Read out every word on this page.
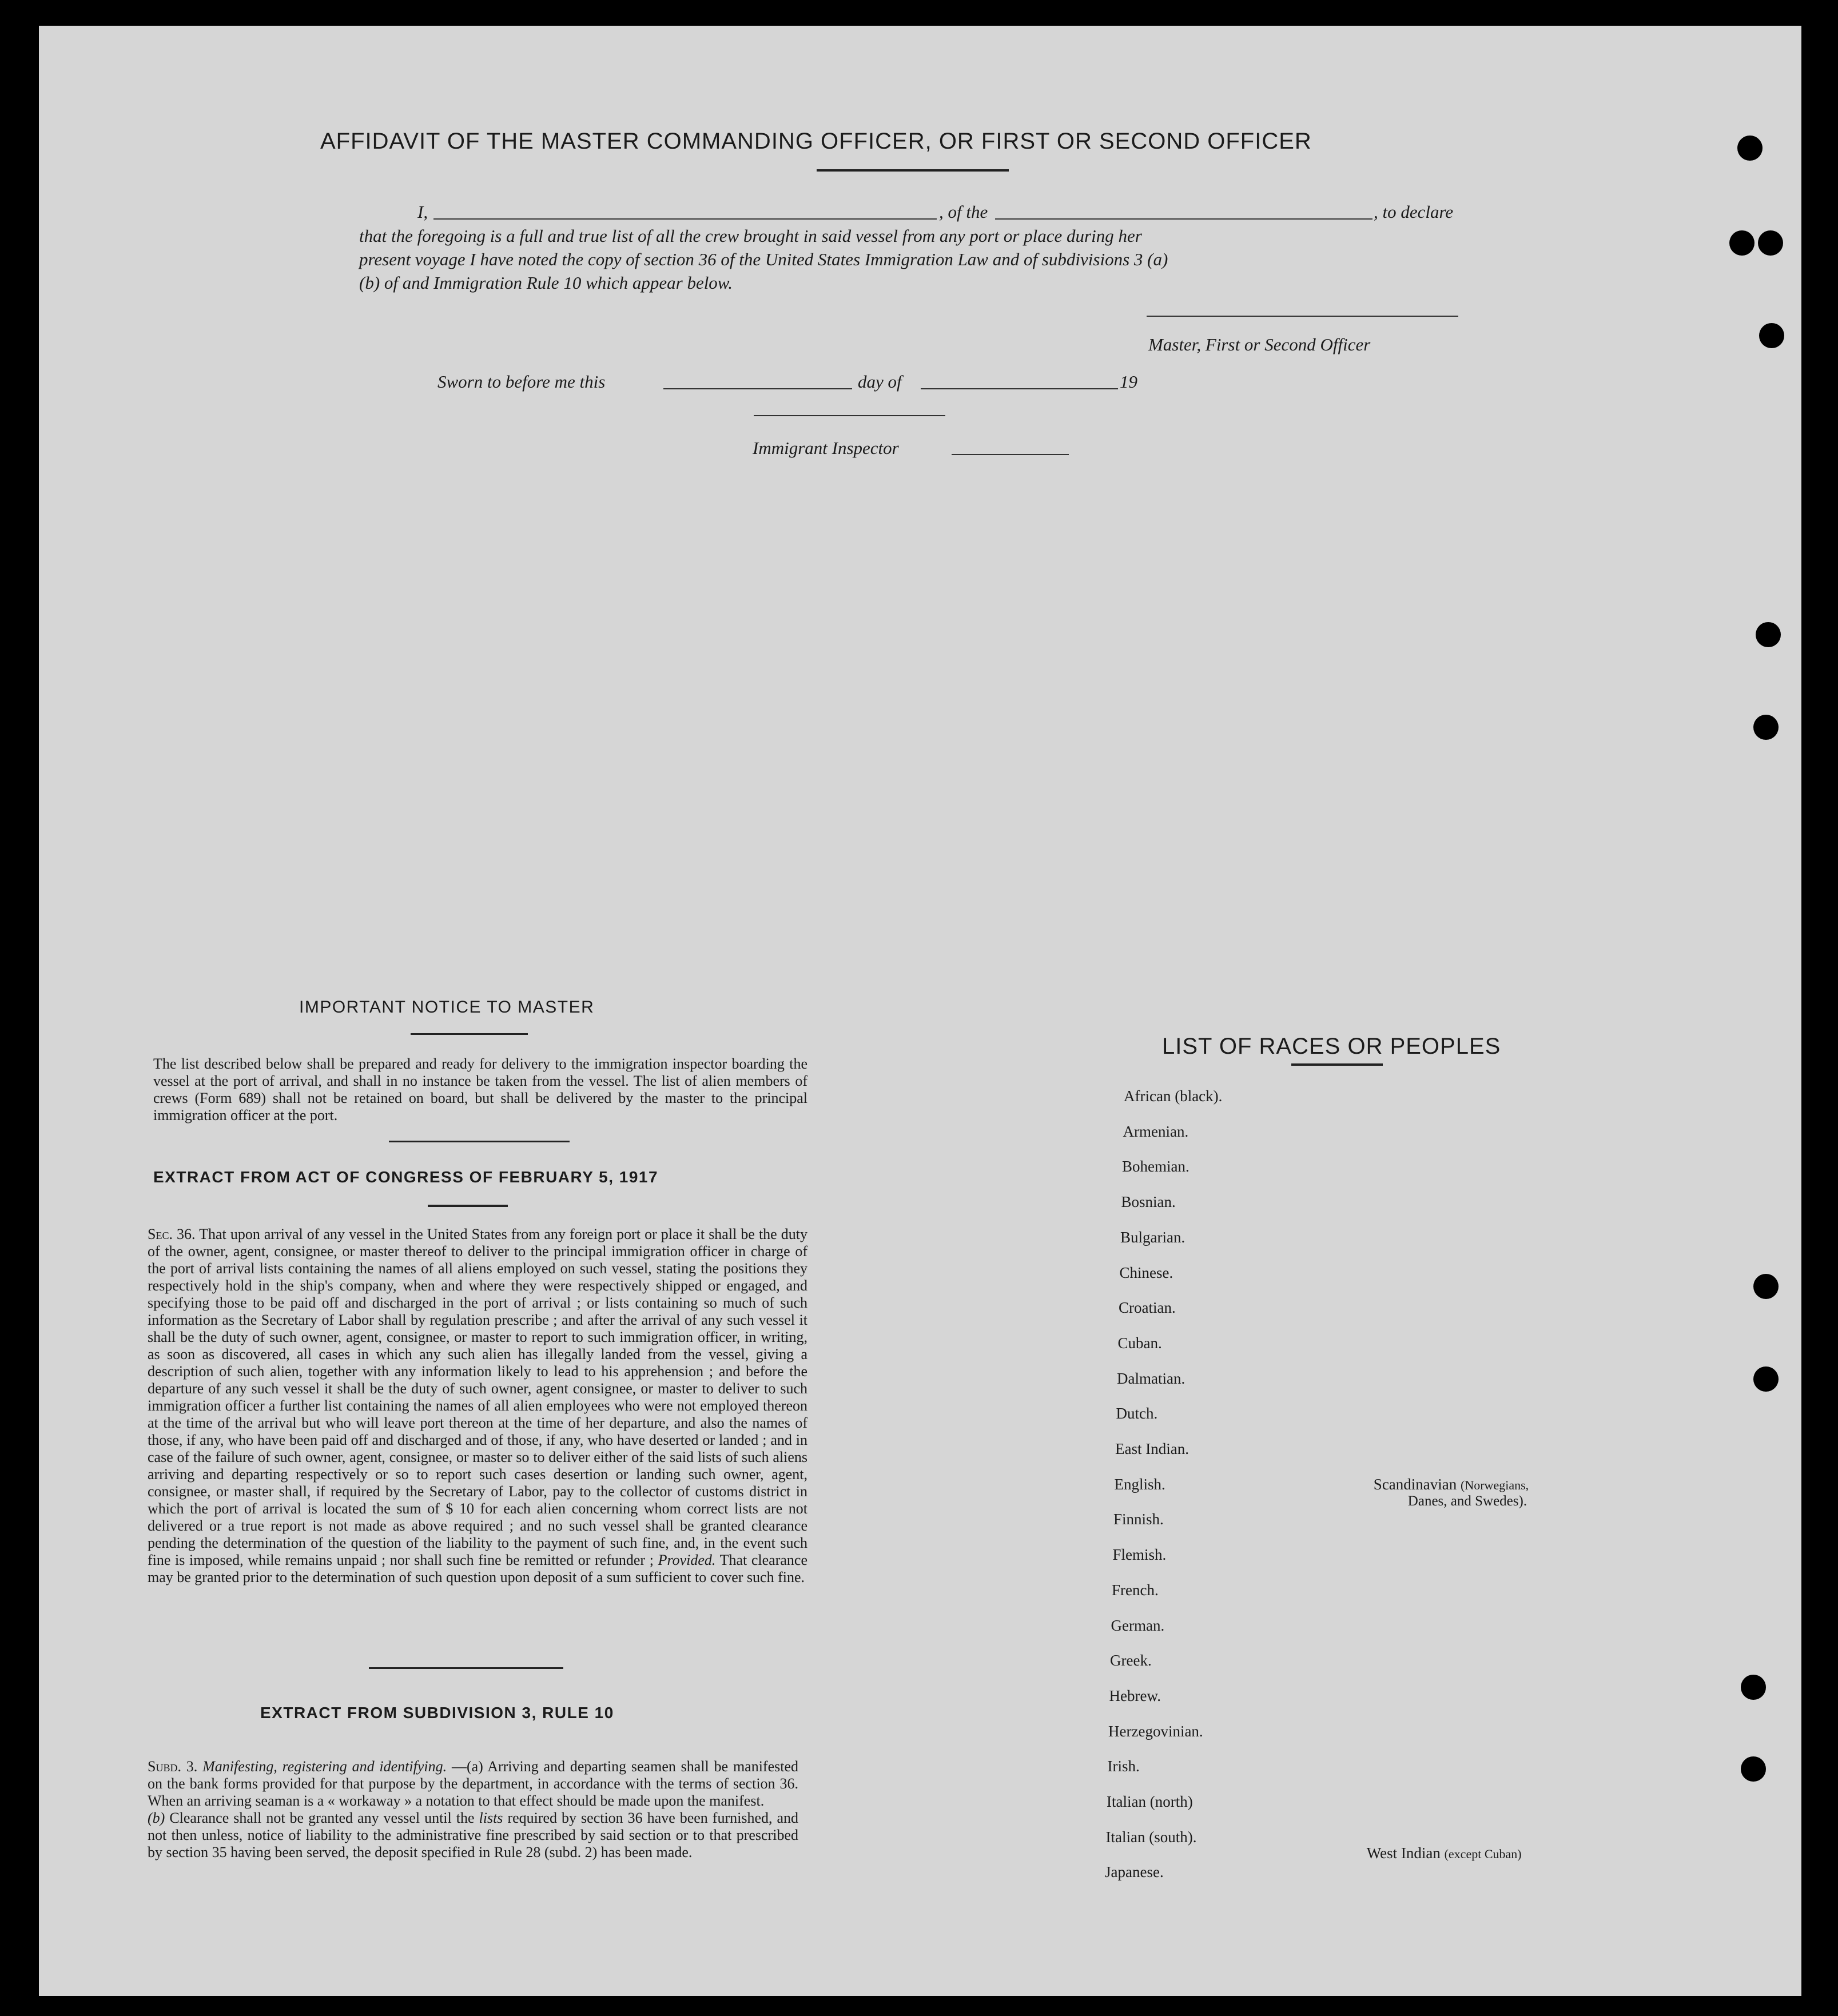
AFFIDAVIT OF THE MASTER COMMANDING OFFICER, OR FIRST OR SECOND OFFICER
I,	, of the	, to declare
that the foregoing is a full and true list of all the crew brought in said vessel from any port or place during her
present voyage I have noted the copy of section 36 of the United States Immigration Law and of subdivisions 3 (a)
(b) of and Immigration Rule 10 which appear below.
Master, First or Second Officer
Sworn to before me this	day of	19
Immigrant Inspector
IMPORTANT NOTICE TO MASTER
The list described below shall be prepared and ready for delivery to the immigration inspector boarding the vessel at the port of arrival, and shall in no instance be taken from the vessel. The list of alien members of crews (Form 689) shall not be retained on board, but shall be delivered by the master to the principal immigration officer at the port.
EXTRACT FROM ACT OF CONGRESS OF FEBRUARY 5, 1917
Sec. 36. That upon arrival of any vessel in the United States from any foreign port or place it shall be the duty of the owner, agent, consignee, or master thereof to deliver to the principal immigration officer in charge of the port of arrival lists containing the names of all aliens employed on such vessel, stating the positions they respectively hold in the ship's company, when and where they were respectively shipped or engaged, and specifying those to be paid off and discharged in the port of arrival ; or lists containing so much of such information as the Secretary of Labor shall by regulation prescribe ; and after the arrival of any such vessel it shall be the duty of such owner, agent, consignee, or master to report to such immigration officer, in writing, as soon as discovered, all cases in which any such alien has illegally landed from the vessel, giving a description of such alien, together with any information likely to lead to his apprehension ; and before the departure of any such vessel it shall be the duty of such owner, agent consignee, or master to deliver to such immigration officer a further list containing the names of all alien employees who were not employed thereon at the time of the arrival but who will leave port thereon at the time of her departure, and also the names of those, if any, who have been paid off and discharged and of those, if any, who have deserted or landed ; and in case of the failure of such owner, agent, consignee, or master so to deliver either of the said lists of such aliens arriving and departing respectively or so to report such cases desertion or landing such owner, agent, consignee, or master shall, if required by the Secretary of Labor, pay to the collector of customs district in which the port of arrival is located the sum of $ 10 for each alien concerning whom correct lists are not delivered or a true report is not made as above required ; and no such vessel shall be granted clearance pending the determination of the question of the liability to the payment of such fine, and, in the event such fine is imposed, while remains unpaid ; nor shall such fine be remitted or refunder ; Provided. That clearance may be granted prior to the determination of such question upon deposit of a sum sufficient to cover such fine.
EXTRACT FROM SUBDIVISION 3, RULE 10
Subd. 3. Manifesting, registering and identifying. —(a) Arriving and departing seamen shall be manifested on the bank forms provided for that purpose by the department, in accordance with the terms of section 36. When an arriving seaman is a « workaway » a notation to that effect should be made upon the manifest.
(b) Clearance shall not be granted any vessel until the lists required by section 36 have been furnished, and not then unless, notice of liability to the administrative fine prescribed by said section or to that prescribed by section 35 having been served, the deposit specified in Rule 28 (subd. 2) has been made.
LIST OF RACES OR PEOPLES
African (black).
Armenian.
Bohemian.
Bosnian.
Bulgarian.
Chinese.
Croatian.
Cuban.
Dalmatian.
Dutch.
East Indian.
English.
Finnish.
Flemish.
French.
German.
Greek.
Hebrew.
Herzegovinian.
Irish.
Italian (north)
Italian (south).
Japanese.
Scandinavian (Norwegians,
Danes, and Swedes).
West Indian (except Cuban)
